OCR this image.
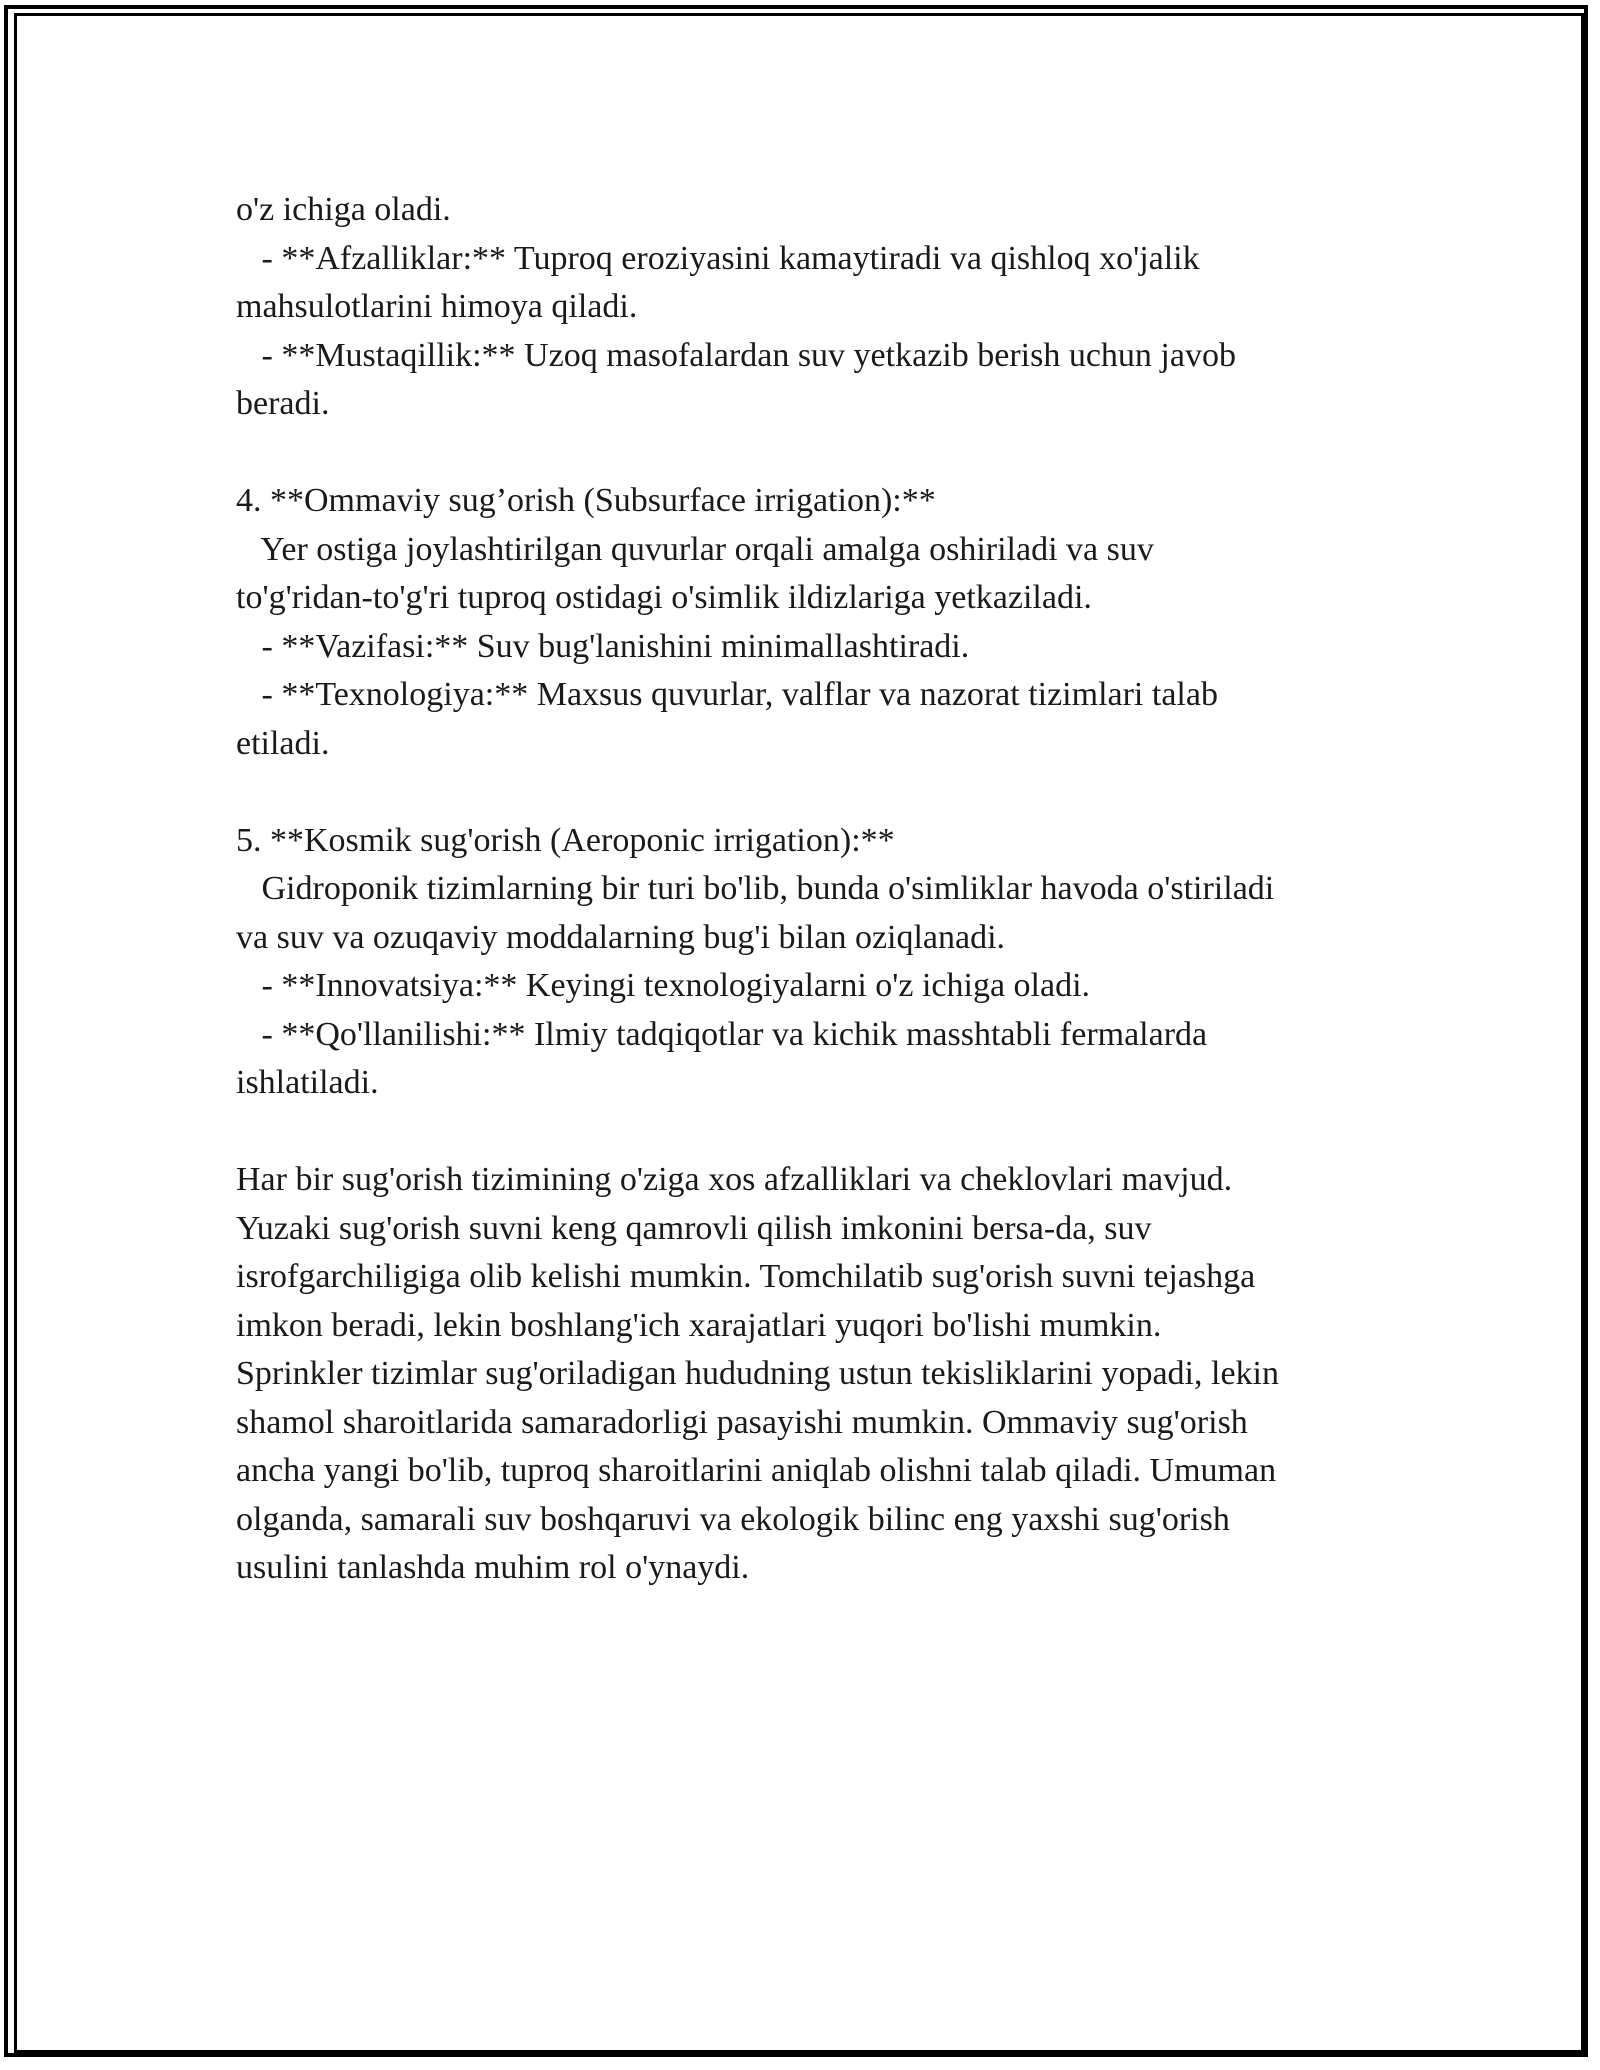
o'z ichiga oladi.
- **Afzalliklar:** Tuproq eroziyasini kamaytiradi va qishloq xo'jalik
mahsulotlarini himoya qiladi.
- **Mustaqillik:** Uzoq masofalardan suv yetkazib berish uchun javob
beradi.
4. **Ommaviy sug’orish (Subsurface irrigation):**
Yer ostiga joylashtirilgan quvurlar orqali amalga oshiriladi va suv
to'g'ridan-to'g'ri tuproq ostidagi o'simlik ildizlariga yetkaziladi.
- **Vazifasi:** Suv bug'lanishini minimallashtiradi.
- **Texnologiya:** Maxsus quvurlar, valflar va nazorat tizimlari talab
etiladi.
5. **Kosmik sug'orish (Aeroponic irrigation):**
Gidroponik tizimlarning bir turi bo'lib, bunda o'simliklar havoda o'stiriladi
va suv va ozuqaviy moddalarning bug'i bilan oziqlanadi.
- **Innovatsiya:** Keyingi texnologiyalarni o'z ichiga oladi.
- **Qo'llanilishi:** Ilmiy tadqiqotlar va kichik masshtabli fermalarda
ishlatiladi.
Har bir sug'orish tizimining o'ziga xos afzalliklari va cheklovlari mavjud.
Yuzaki sug'orish suvni keng qamrovli qilish imkonini bersa-da, suv
isrofgarchiligiga olib kelishi mumkin. Tomchilatib sug'orish suvni tejashga
imkon beradi, lekin boshlang'ich xarajatlari yuqori bo'lishi mumkin.
Sprinkler tizimlar sug'oriladigan hududning ustun tekisliklarini yopadi, lekin
shamol sharoitlarida samaradorligi pasayishi mumkin. Ommaviy sug'orish
ancha yangi bo'lib, tuproq sharoitlarini aniqlab olishni talab qiladi. Umuman
olganda, samarali suv boshqaruvi va ekologik bilinc eng yaxshi sug'orish
usulini tanlashda muhim rol o'ynaydi.
